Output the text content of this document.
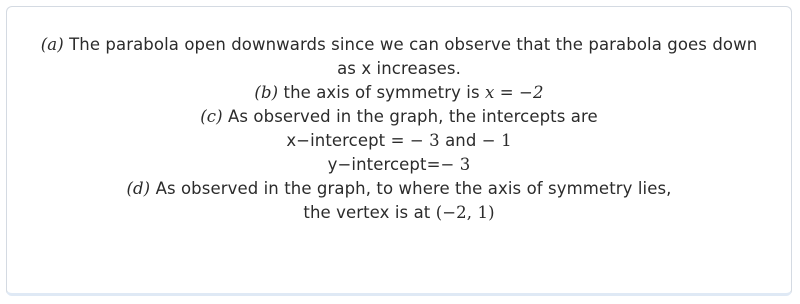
(a) The parabola open downwards since we can observe that the parabola goes down
as x increases.
(b) the axis of symmetry is x = −2
(c) As observed in the graph, the intercepts are
x−intercept = − 3 and − 1
y−intercept=− 3
(d) As observed in the graph, to where the axis of symmetry lies,
the vertex is at (−2, 1)
